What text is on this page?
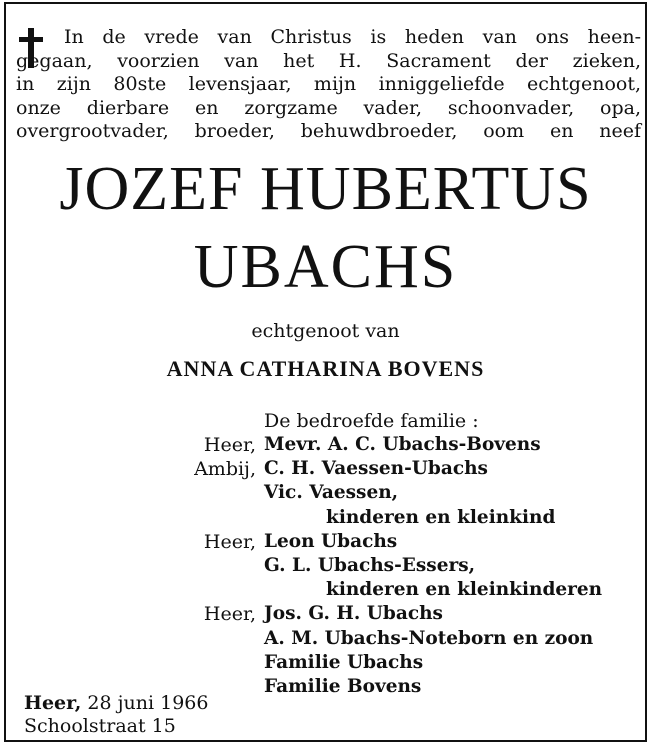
In de vrede van Christus is heden van ons heen-
gegaan, voorzien van het H. Sacrament der zieken,
in zijn 80ste levensjaar, mijn inniggeliefde echtgenoot,
onze dierbare en zorgzame vader, schoonvader, opa,
overgrootvader, broeder, behuwdbroeder, oom en neef
JOZEF HUBERTUS
UBACHS
echtgenoot van
ANNA CATHARINA BOVENS
De bedroefde familie :
Heer, Mevr. A. C. Ubachs-Bovens
Ambij, C. H. Vaessen-Ubachs
Vic. Vaessen,
kinderen en kleinkind
Heer, Leon Ubachs
G. L. Ubachs-Essers,
kinderen en kleinkinderen
Heer, Jos. G. H. Ubachs
A. M. Ubachs-Noteborn en zoon
Familie Ubachs
Familie Bovens
Heer, 28 juni 1966
Schoolstraat 15
